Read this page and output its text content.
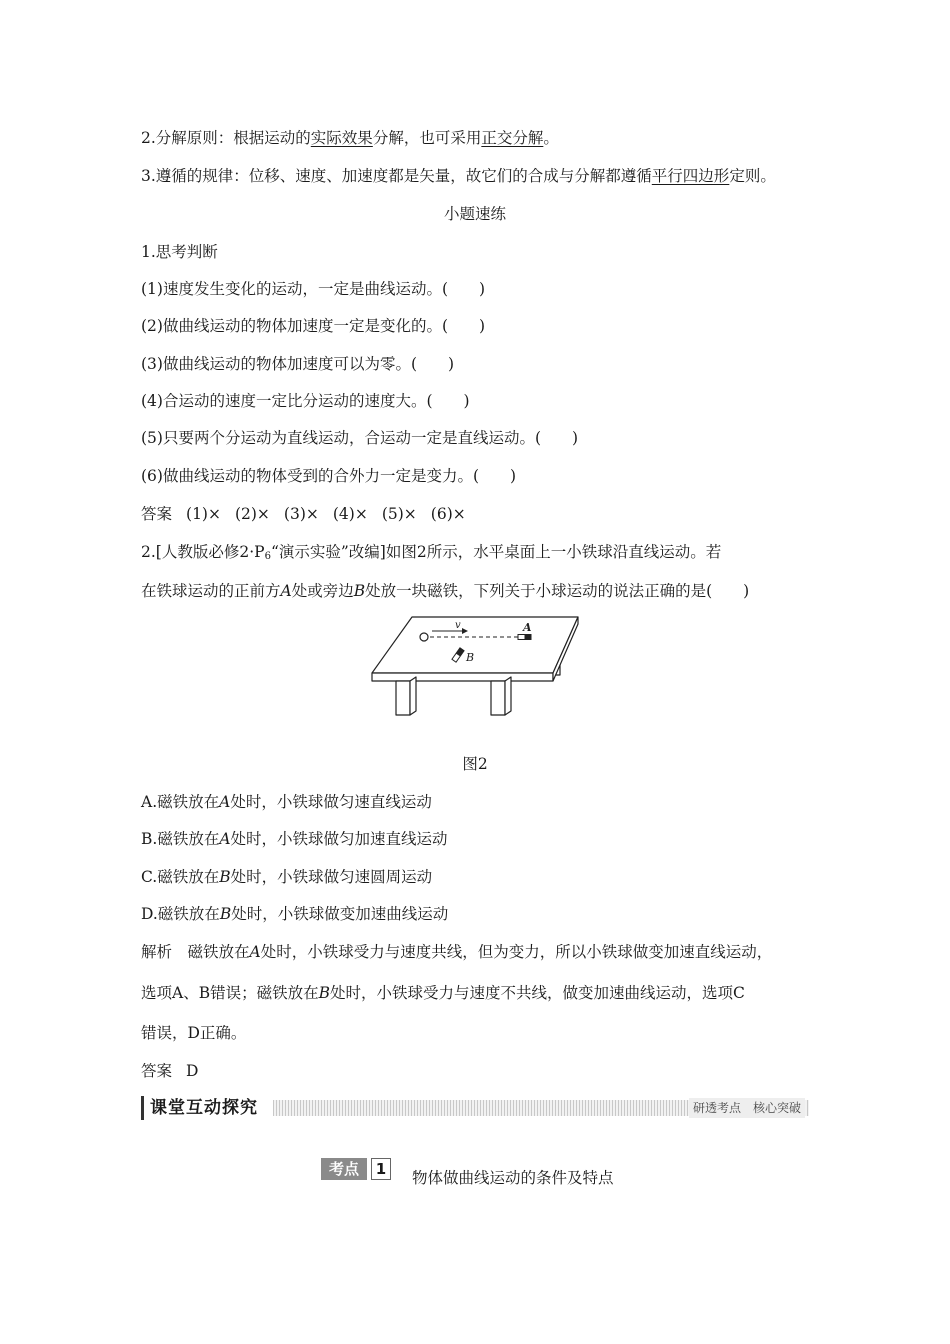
2.分解原则：根据运动的实际效果分解，也可采用正交分解。
3.遵循的规律：位移、速度、加速度都是矢量，故它们的合成与分解都遵循平行四边形定则。
小题速练
1.思考判断
(1)速度发生变化的运动，一定是曲线运动。(　　)
(2)做曲线运动的物体加速度一定是变化的。(　　)
(3)做曲线运动的物体加速度可以为零。(　　)
(4)合运动的速度一定比分运动的速度大。(　　)
(5)只要两个分运动为直线运动，合运动一定是直线运动。(　　)
(6)做曲线运动的物体受到的合外力一定是变力。(　　)
答案 (1)× (2)× (3)× (4)× (5)× (6)×
2.[人教版必修$2\cdot P_6“$演示实验”改编]如图2所示，水平桌面上一小铁球沿直线运动。若
在铁球运动的正前方A处或旁边B处放一块磁铁，下列关于小球运动的说法正确的是(　　)
v	A
B
图2
A.磁铁放在A处时，小铁球做匀速直线运动
B.磁铁放在A处时，小铁球做匀加速直线运动
C.磁铁放在B处时，小铁球做匀速圆周运动
D.磁铁放在B处时，小铁球做变加速曲线运动
解析　磁铁放在A处时，小铁球受力与速度共线，但为变力，所以小铁球做变加速直线运动，
选项A、B错误；磁铁放在B处时，小铁球受力与速度不共线，做变加速曲线运动，选项C
错误，D正确。
答案 D
课堂互动探究	研透考点　核心突破
考点	1	物体做曲线运动的条件及特点
